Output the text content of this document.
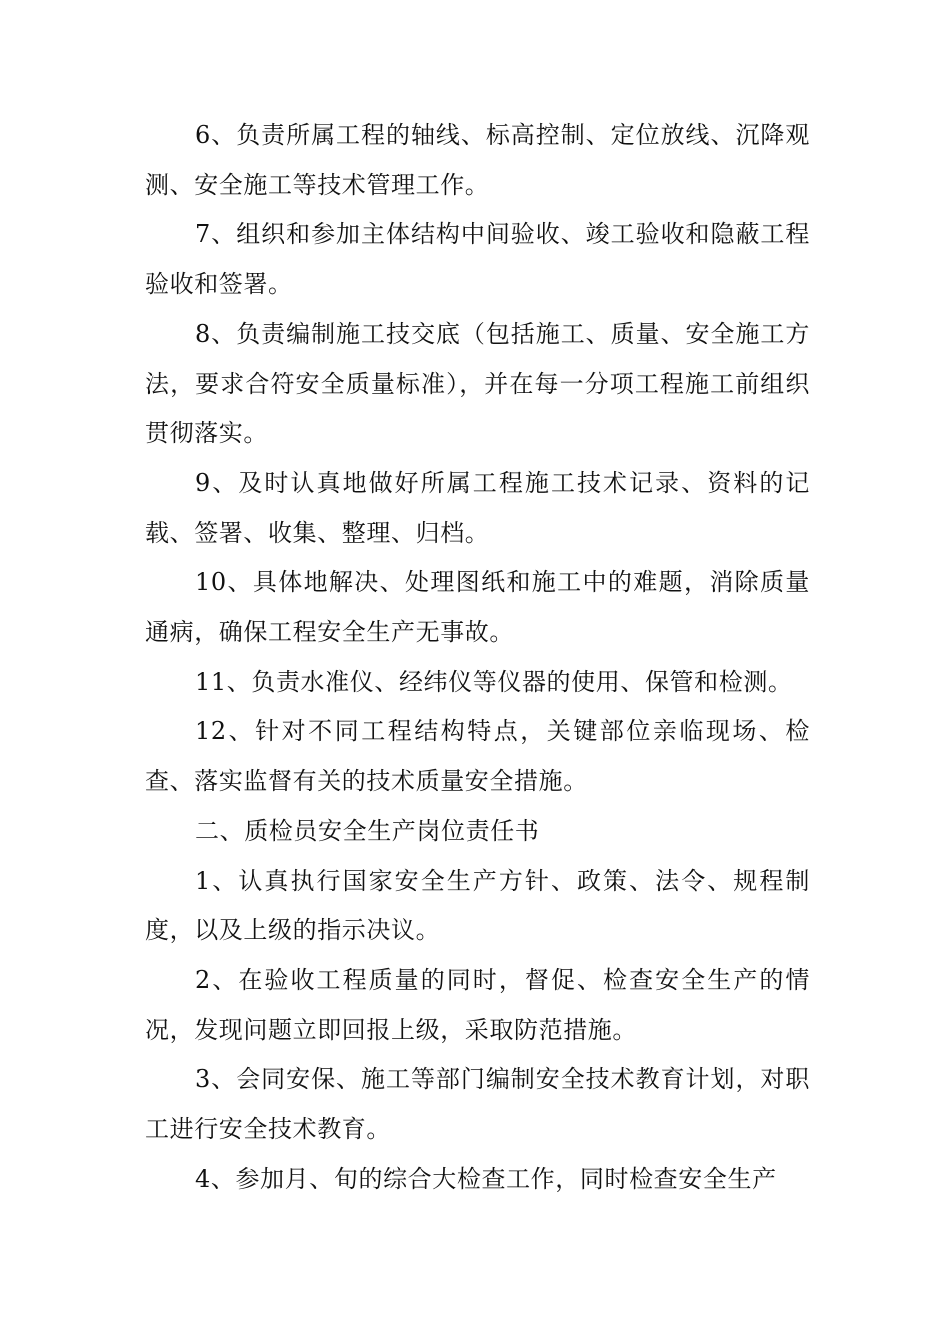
6、负责所属工程的轴线、标高控制、定位放线、沉降观测、安全施工等技术管理工作。

7、组织和参加主体结构中间验收、竣工验收和隐蔽工程验收和签署。

8、负责编制施工技交底（包括施工、质量、安全施工方法，要求合符安全质量标准），并在每一分项工程施工前组织贯彻落实。

9、及时认真地做好所属工程施工技术记录、资料的记载、签署、收集、整理、归档。

10、具体地解决、处理图纸和施工中的难题，消除质量通病，确保工程安全生产无事故。

11、负责水准仪、经纬仪等仪器的使用、保管和检测。

12、针对不同工程结构特点，关键部位亲临现场、检查、落实监督有关的技术质量安全措施。

二、质检员安全生产岗位责任书

1、认真执行国家安全生产方针、政策、法令、规程制度，以及上级的指示决议。

2、在验收工程质量的同时，督促、检查安全生产的情况，发现问题立即回报上级，采取防范措施。

3、会同安保、施工等部门编制安全技术教育计划，对职工进行安全技术教育。

4、参加月、旬的综合大检查工作，同时检查安全生产
